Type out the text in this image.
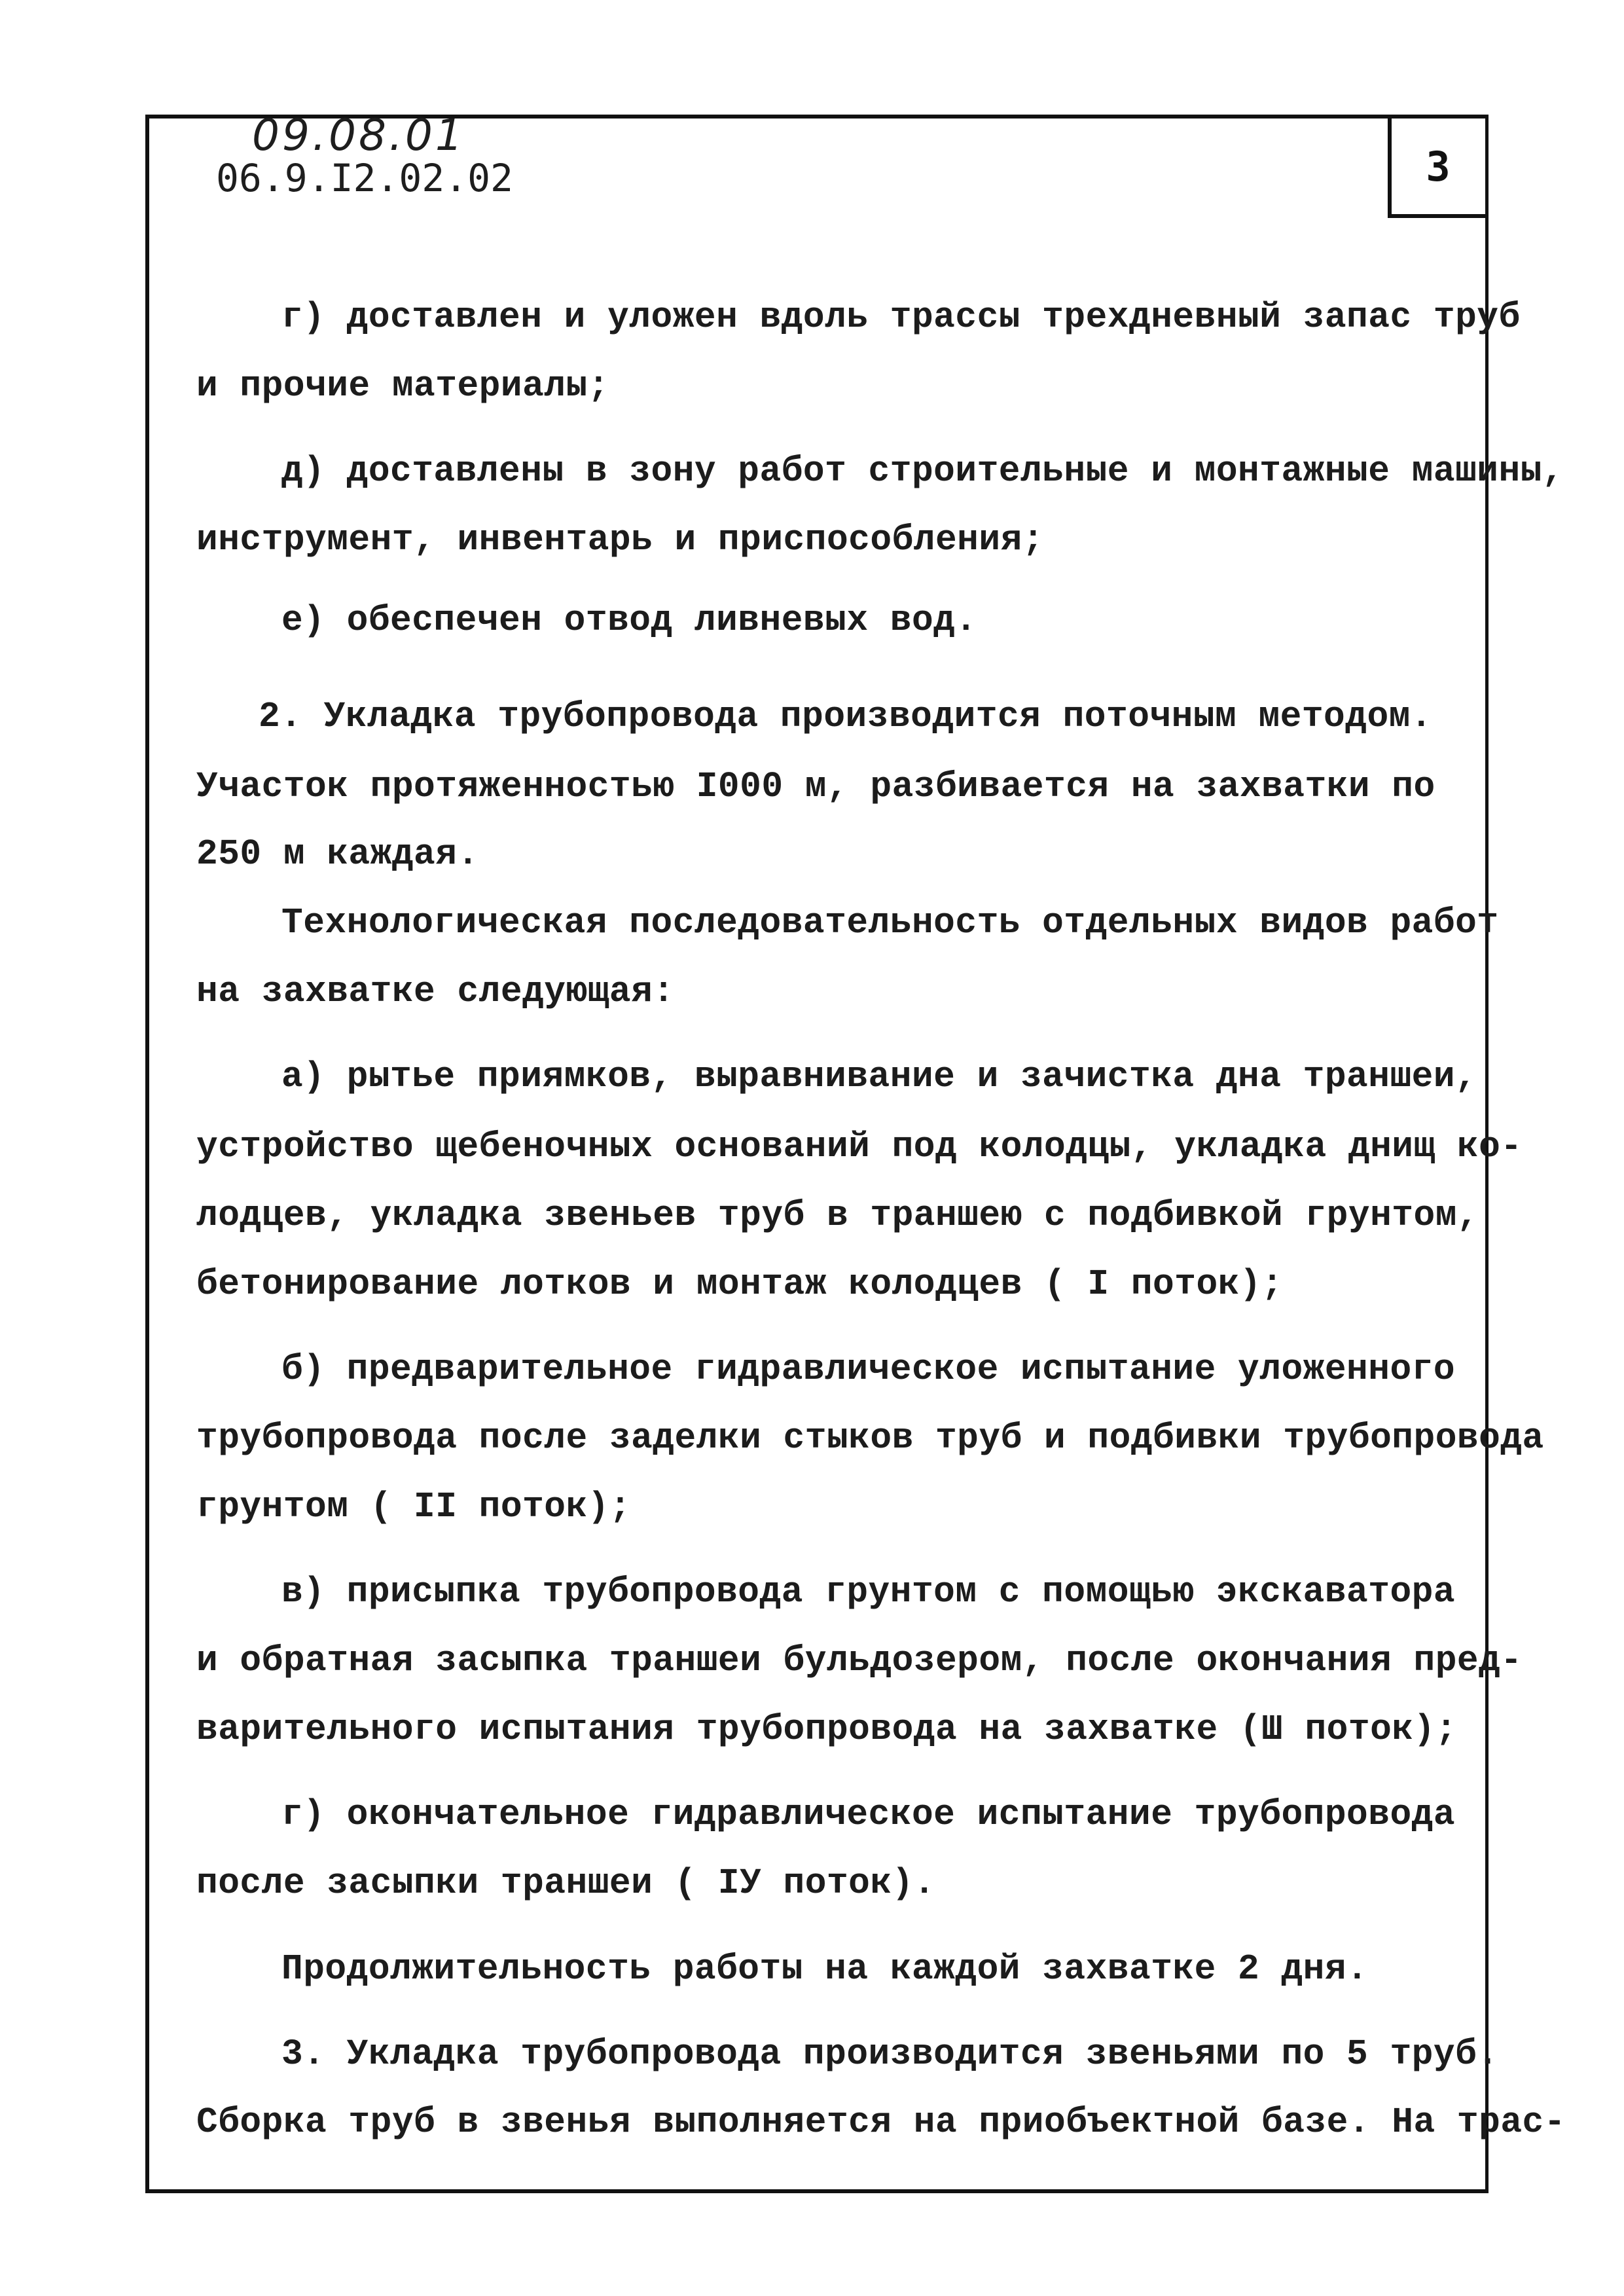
3
09.08.01
06.9.I2.02.02
г) доставлен и уложен вдоль трассы трехдневный запас труб
и прочие материалы;
д) доставлены в зону работ строительные и монтажные машины,
инструмент, инвентарь и приспособления;
е) обеспечен отвод ливневых вод.
2. Укладка трубопровода производится поточным методом.
Участок протяженностью I000 м, разбивается на захватки по
250 м каждая.
Технологическая последовательность отдельных видов работ
на захватке следующая:
а) рытье приямков, выравнивание и зачистка дна траншеи,
устройство щебеночных оснований под колодцы, укладка днищ ко-
лодцев, укладка звеньев труб в траншею с подбивкой грунтом,
бетонирование лотков и монтаж колодцев ( I поток);
б) предварительное гидравлическое испытание уложенного
трубопровода после заделки стыков труб и подбивки трубопровода
грунтом ( II поток);
в) присыпка трубопровода грунтом с помощью экскаватора
и обратная засыпка траншеи бульдозером, после окончания пред-
варительного испытания трубопровода на захватке (Ш поток);
г) окончательное гидравлическое испытание трубопровода
после засыпки траншеи ( IУ поток).
Продолжительность работы на каждой захватке 2 дня.
3. Укладка трубопровода производится звеньями по 5 труб.
Сборка труб в звенья выполняется на приобъектной базе. На трас-
